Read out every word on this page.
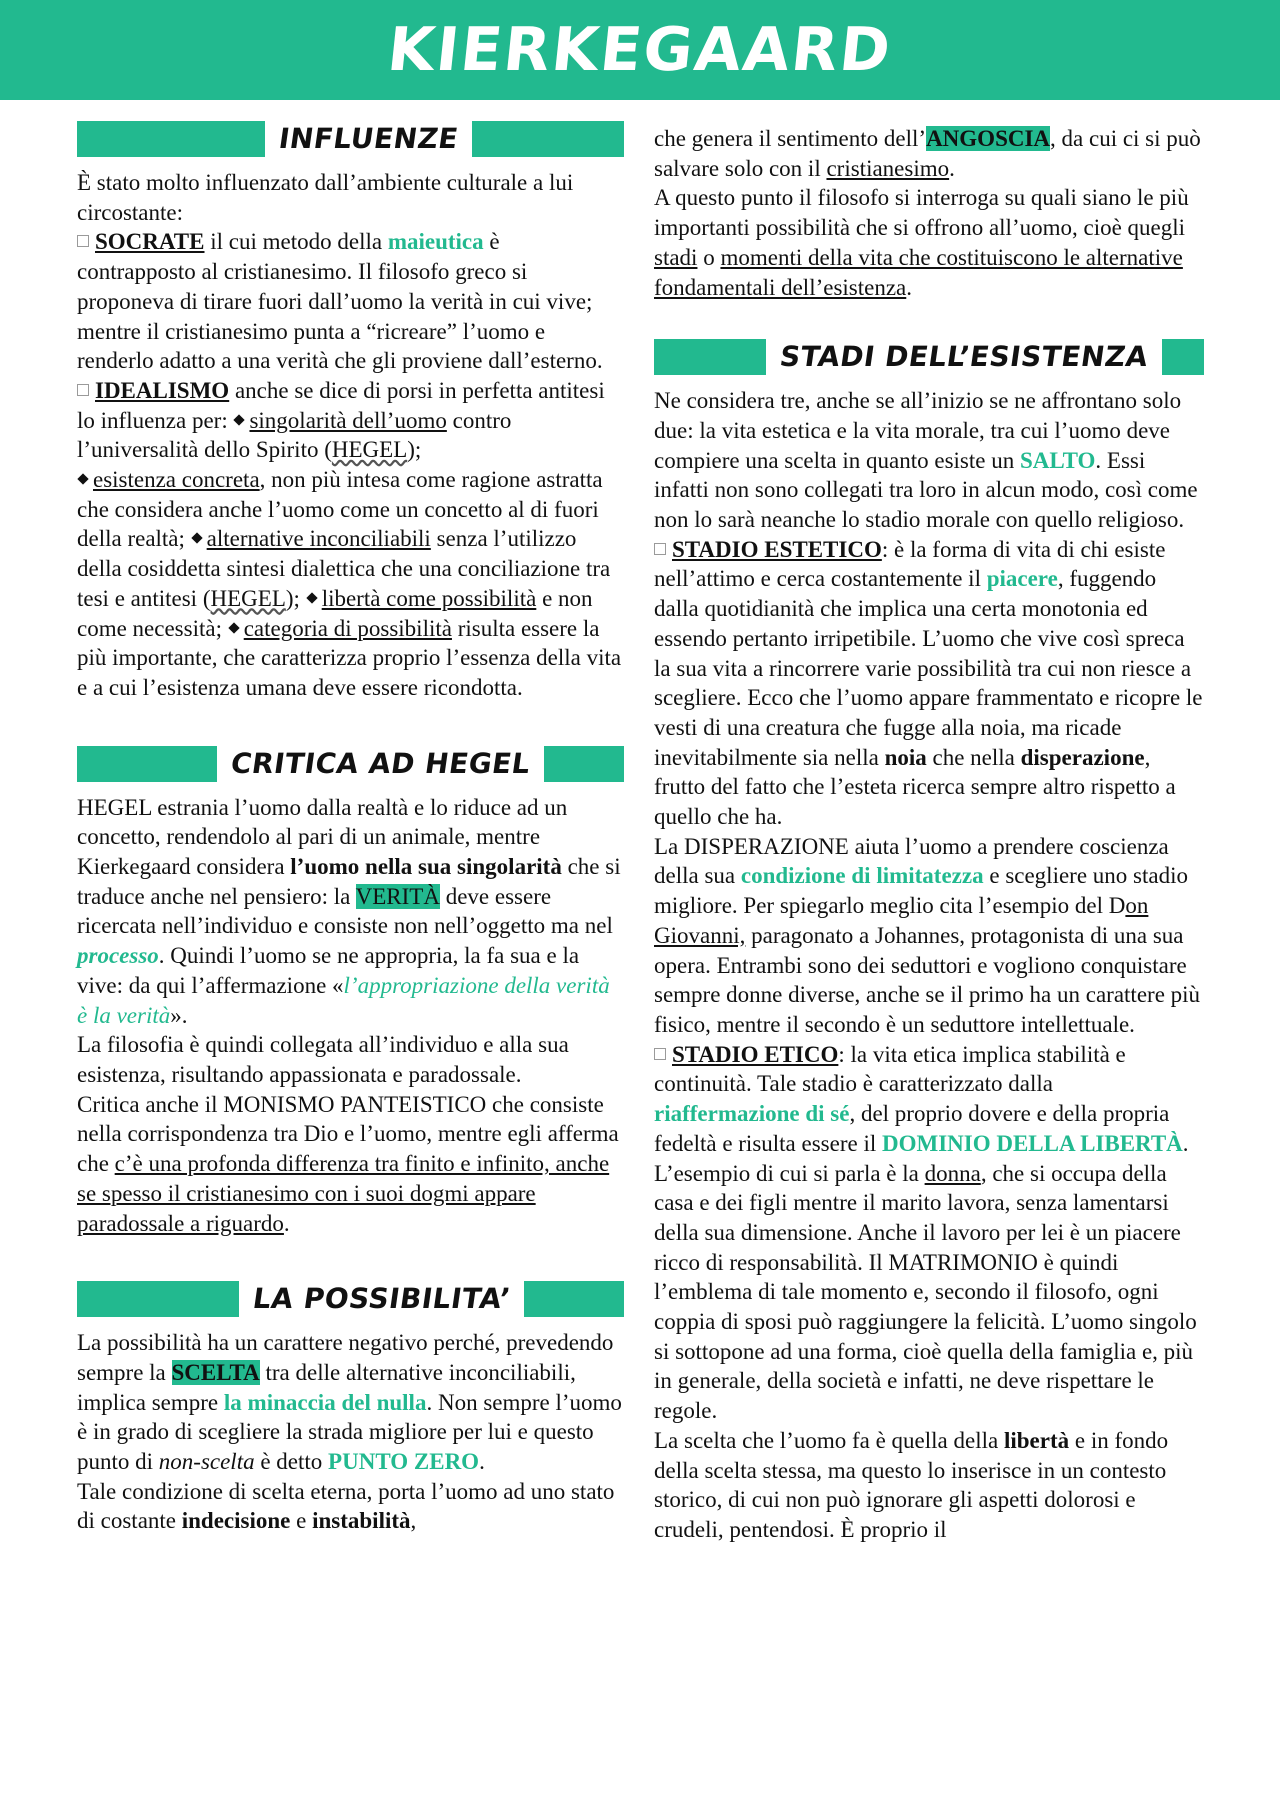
KIERKEGAARD
INFLUENZE

È stato molto influenzato dall’ambiente culturale a lui circostante:
SOCRATE il cui metodo della maieutica è contrapposto al cristianesimo. Il filosofo greco si proponeva di tirare fuori dall’uomo la verità in cui vive; mentre il cristianesimo punta a “ricreare” l’uomo e renderlo adatto a una verità che gli proviene dall’esterno.
IDEALISMO anche se dice di porsi in perfetta antitesi lo influenza per: singolarità dell’uomo contro l’universalità dello Spirito (HEGEL);
esistenza concreta, non più intesa come ragione astratta che considera anche l’uomo come un concetto al di fuori della realtà; alternative inconciliabili senza l’utilizzo della cosiddetta sintesi dialettica che una conciliazione tra tesi e antitesi (HEGEL); libertà come possibilità e non come necessità; categoria di possibilità risulta essere la più importante, che caratterizza proprio l’essenza della vita e a cui l’esistenza umana deve essere ricondotta.

CRITICA AD HEGEL

HEGEL estrania l’uomo dalla realtà e lo riduce ad un concetto, rendendolo al pari di un animale, mentre Kierkegaard considera l’uomo nella sua singolarità che si traduce anche nel pensiero: la VERITÀ deve essere ricercata nell’individuo e consiste non nell’oggetto ma nel processo. Quindi l’uomo se ne appropria, la fa sua e la vive: da qui l’affermazione «l’appropriazione della verità è la verità».

La filosofia è quindi collegata all’individuo e alla sua esistenza, risultando appassionata e paradossale.

Critica anche il MONISMO PANTEISTICO che consiste nella corrispondenza tra Dio e l’uomo, mentre egli afferma che c’è una profonda differenza tra finito e infinito, anche se spesso il cristianesimo con i suoi dogmi appare paradossale a riguardo.

LA POSSIBILITA’

La possibilità ha un carattere negativo perché, prevedendo sempre la SCELTA tra delle alternative inconciliabili, implica sempre la minaccia del nulla. Non sempre l’uomo è in grado di scegliere la strada migliore per lui e questo punto di non-scelta è detto PUNTO ZERO.

Tale condizione di scelta eterna, porta l’uomo ad uno stato di costante indecisione e instabilità,

che genera il sentimento dell’ANGOSCIA, da cui ci si può salvare solo con il cristianesimo.

A questo punto il filosofo si interroga su quali siano le più importanti possibilità che si offrono all’uomo, cioè quegli stadi o momenti della vita che costituiscono le alternative fondamentali dell’esistenza.

STADI DELL’ESISTENZA

Ne considera tre, anche se all’inizio se ne affrontano solo due: la vita estetica e la vita morale, tra cui l’uomo deve compiere una scelta in quanto esiste un SALTO. Essi infatti non sono collegati tra loro in alcun modo, così come non lo sarà neanche lo stadio morale con quello religioso.

STADIO ESTETICO: è la forma di vita di chi esiste nell’attimo e cerca costantemente il piacere, fuggendo dalla quotidianità che implica una certa monotonia ed essendo pertanto irripetibile. L’uomo che vive così spreca la sua vita a rincorrere varie possibilità tra cui non riesce a scegliere. Ecco che l’uomo appare frammentato e ricopre le vesti di una creatura che fugge alla noia, ma ricade inevitabilmente sia nella noia che nella disperazione, frutto del fatto che l’esteta ricerca sempre altro rispetto a quello che ha.

La DISPERAZIONE aiuta l’uomo a prendere coscienza della sua condizione di limitatezza e scegliere uno stadio migliore. Per spiegarlo meglio cita l’esempio del Don Giovanni, paragonato a Johannes, protagonista di una sua opera. Entrambi sono dei seduttori e vogliono conquistare sempre donne diverse, anche se il primo ha un carattere più fisico, mentre il secondo è un seduttore intellettuale.

STADIO ETICO: la vita etica implica stabilità e continuità. Tale stadio è caratterizzato dalla riaffermazione di sé, del proprio dovere e della propria fedeltà e risulta essere il DOMINIO DELLA LIBERTÀ. L’esempio di cui si parla è la donna, che si occupa della casa e dei figli mentre il marito lavora, senza lamentarsi della sua dimensione. Anche il lavoro per lei è un piacere ricco di responsabilità. Il MATRIMONIO è quindi l’emblema di tale momento e, secondo il filosofo, ogni coppia di sposi può raggiungere la felicità. L’uomo singolo si sottopone ad una forma, cioè quella della famiglia e, più in generale, della società e infatti, ne deve rispettare le regole.

La scelta che l’uomo fa è quella della libertà e in fondo della scelta stessa, ma questo lo inserisce in un contesto storico, di cui non può ignorare gli aspetti dolorosi e crudeli, pentendosi. È proprio il
